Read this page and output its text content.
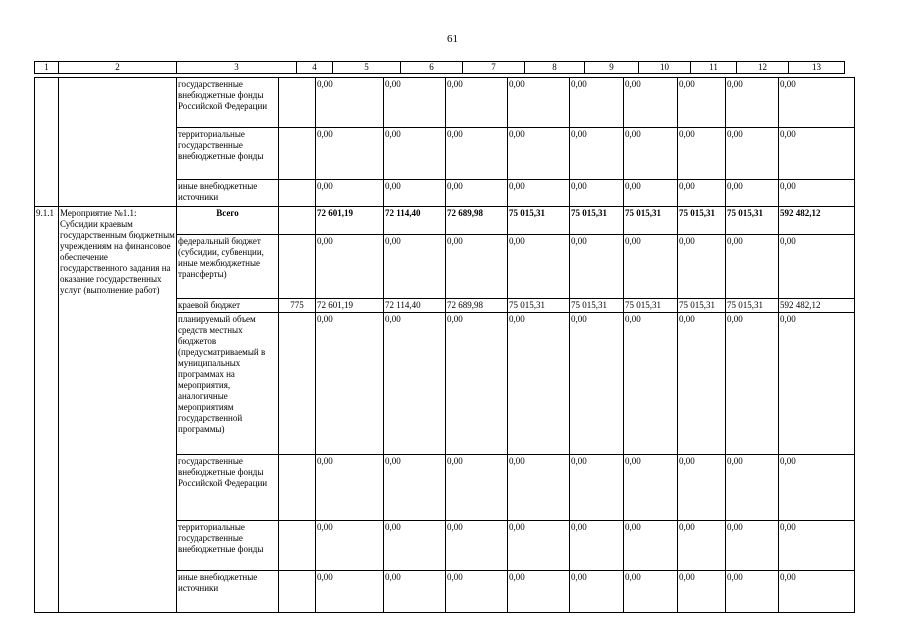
61
1	2	3	4	5	6	7	8	9	10	11	12	13
		государственные внебюджетные фонды Российской Федерации		0,00	0,00	0,00	0,00	0,00	0,00	0,00	0,00	0,00
		территориальные государственные внебюджетные фонды		0,00	0,00	0,00	0,00	0,00	0,00	0,00	0,00	0,00
		иные внебюджетные источники		0,00	0,00	0,00	0,00	0,00	0,00	0,00	0,00	0,00
9.1.1	Мероприятие №1.1: Субсидии краевым государственным бюджетным учреждениям на финансовое обеспечение государственного задания на оказание государственных услуг (выполнение работ)	Всего		72 601,19	72 114,40	72 689,98	75 015,31	75 015,31	75 015,31	75 015,31	75 015,31	592 482,12
		федеральный бюджет (субсидии, субвенции, иные межбюджетные трансферты)		0,00	0,00	0,00	0,00	0,00	0,00	0,00	0,00	0,00
		краевой бюджет	775	72 601,19	72 114,40	72 689,98	75 015,31	75 015,31	75 015,31	75 015,31	75 015,31	592 482,12
		планируемый объем средств местных бюджетов (предусматриваемый в муниципальных программах на мероприятия, аналогичные мероприятиям государственной программы)		0,00	0,00	0,00	0,00	0,00	0,00	0,00	0,00	0,00
		государственные внебюджетные фонды Российской Федерации		0,00	0,00	0,00	0,00	0,00	0,00	0,00	0,00	0,00
		территориальные государственные внебюджетные фонды		0,00	0,00	0,00	0,00	0,00	0,00	0,00	0,00	0,00
		иные внебюджетные источники		0,00	0,00	0,00	0,00	0,00	0,00	0,00	0,00	0,00
